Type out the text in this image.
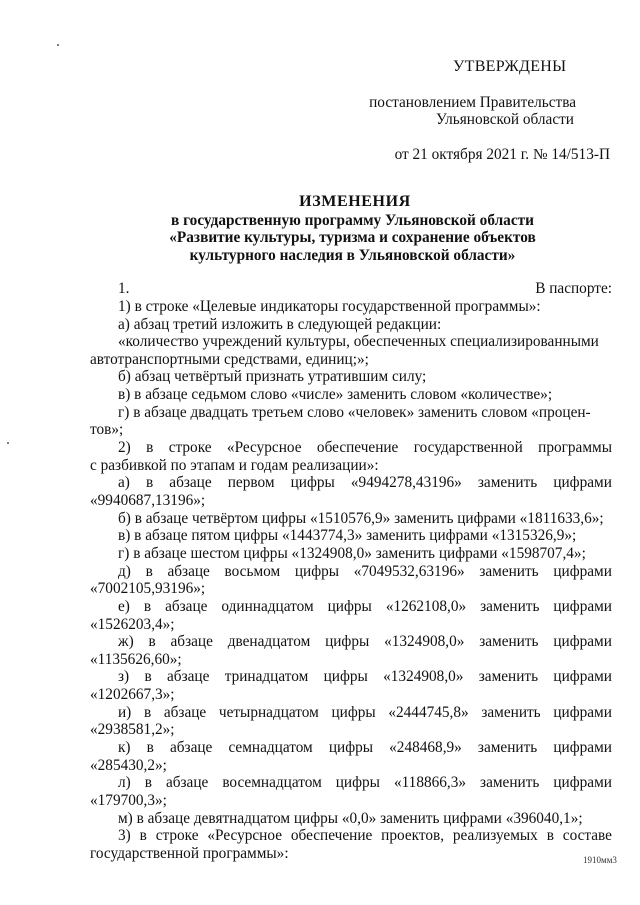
УТВЕРЖДЕНЫ
постановлением Правительства
Ульяновской области
от 21 октября 2021 г. № 14/513-П
ИЗМЕНЕНИЯ
в государственную программу Ульяновской области
«Развитие культуры, туризма и сохранение объектов
культурного наследия в Ульяновской области»
1.	В паспорте:
1) в строке «Целевые индикаторы государственной программы»:
а) абзац третий изложить в следующей редакции:
«количество учреждений культуры, обеспеченных специализированными
автотранспортными средствами, единиц;»;
б) абзац четвёртый признать утратившим силу;
в) в абзаце седьмом слово «числе» заменить словом «количестве»;
г) в абзаце двадцать третьем слово «человек» заменить словом «процен-
тов»;
2) в строке «Ресурсное обеспечение государственной программы
с разбивкой по этапам и годам реализации»:
а) в абзаце первом цифры «9494278,43196» заменить цифрами
«9940687,13196»;
б) в абзаце четвёртом цифры «1510576,9» заменить цифрами «1811633,6»;
в) в абзаце пятом цифры «1443774,3» заменить цифрами «1315326,9»;
г) в абзаце шестом цифры «1324908,0» заменить цифрами «1598707,4»;
д) в абзаце восьмом цифры «7049532,63196» заменить цифрами
«7002105,93196»;
е) в абзаце одиннадцатом цифры «1262108,0» заменить цифрами
«1526203,4»;
ж) в абзаце двенадцатом цифры «1324908,0» заменить цифрами
«1135626,60»;
з) в абзаце тринадцатом цифры «1324908,0» заменить цифрами
«1202667,3»;
и) в абзаце четырнадцатом цифры «2444745,8» заменить цифрами
«2938581,2»;
к) в абзаце семнадцатом цифры «248468,9» заменить цифрами
«285430,2»;
л) в абзаце восемнадцатом цифры «118866,3» заменить цифрами
«179700,3»;
м) в абзаце девятнадцатом цифры «0,0» заменить цифрами «396040,1»;
3) в строке «Ресурсное обеспечение проектов, реализуемых в составе
государственной программы»:	1910мм3
